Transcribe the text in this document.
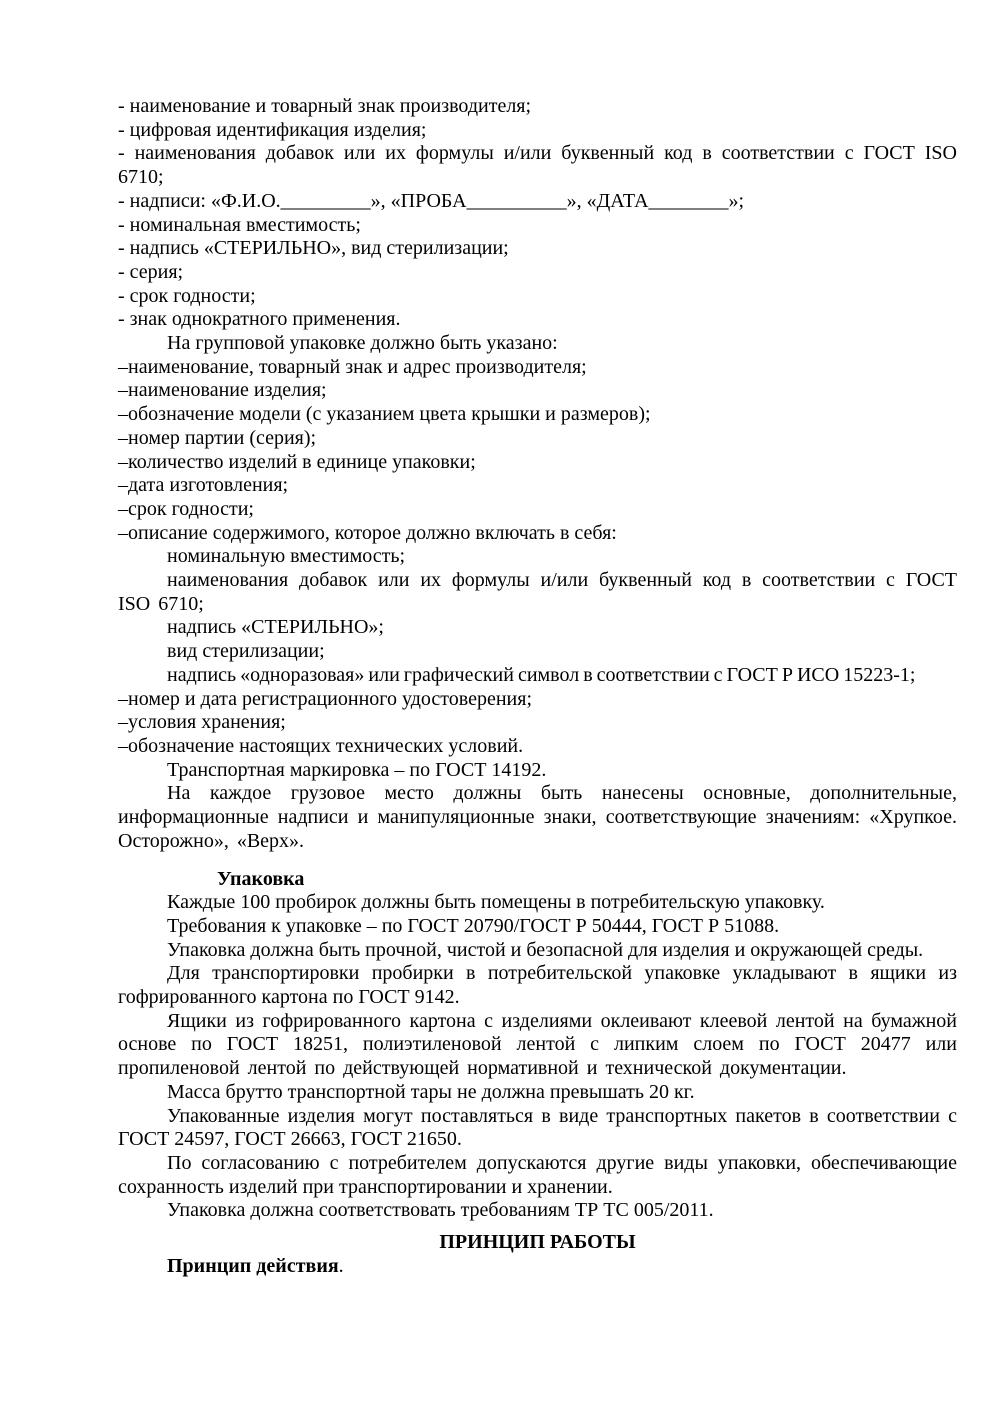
- наименование и товарный знак производителя;

- цифровая идентификация изделия;

- наименования добавок или их формулы и/или буквенный код в соответствии с ГОСТ ISO 6710;

- надписи: «Ф.И.О._________», «ПРОБА__________», «ДАТА________»;

- номинальная вместимость;

- надпись «СТЕРИЛЬНО», вид стерилизации;

- серия;

- срок годности;

- знак однократного применения.

На групповой упаковке должно быть указано:

–наименование, товарный знак и адрес производителя;

–наименование изделия;

–обозначение модели (с указанием цвета крышки и размеров);

–номер партии (серия);

–количество изделий в единице упаковки;

–дата изготовления;

–срок годности;

–описание содержимого, которое должно включать в себя:

номинальную вместимость;

наименования добавок или их формулы и/или буквенный код в соответствии с ГОСТ ISO 6710;

надпись «СТЕРИЛЬНО»;

вид стерилизации;

надпись «одноразовая» или графический символ в соответствии с ГОСТ Р ИСО 15223-1;

–номер и дата регистрационного удостоверения;

–условия хранения;

–обозначение настоящих технических условий.

Транспортная маркировка – по ГОСТ 14192.

На каждое грузовое место должны быть нанесены основные, дополнительные, информационные надписи и манипуляционные знаки, соответствующие значениям: «Хрупкое. Осторожно», «Верх».

Упаковка

Каждые 100 пробирок должны быть помещены в потребительскую упаковку.

Требования к упаковке – по ГОСТ 20790/ГОСТ Р 50444, ГОСТ Р 51088.

Упаковка должна быть прочной, чистой и безопасной для изделия и окружающей среды.

Для транспортировки пробирки в потребительской упаковке укладывают в ящики из гофрированного картона по ГОСТ 9142.

Ящики из гофрированного картона с изделиями оклеивают клеевой лентой на бумажной основе по ГОСТ 18251, полиэтиленовой лентой с липким слоем по ГОСТ 20477 или пропиленовой лентой по действующей нормативной и технической документации.

Масса брутто транспортной тары не должна превышать 20 кг.

Упакованные изделия могут поставляться в виде транспортных пакетов в соответствии с ГОСТ 24597, ГОСТ 26663, ГОСТ 21650.

По согласованию с потребителем допускаются другие виды упаковки, обеспечивающие сохранность изделий при транспортировании и хранении.

Упаковка должна соответствовать требованиям ТР ТС 005/2011.

ПРИНЦИП РАБОТЫ

Принцип действия.
